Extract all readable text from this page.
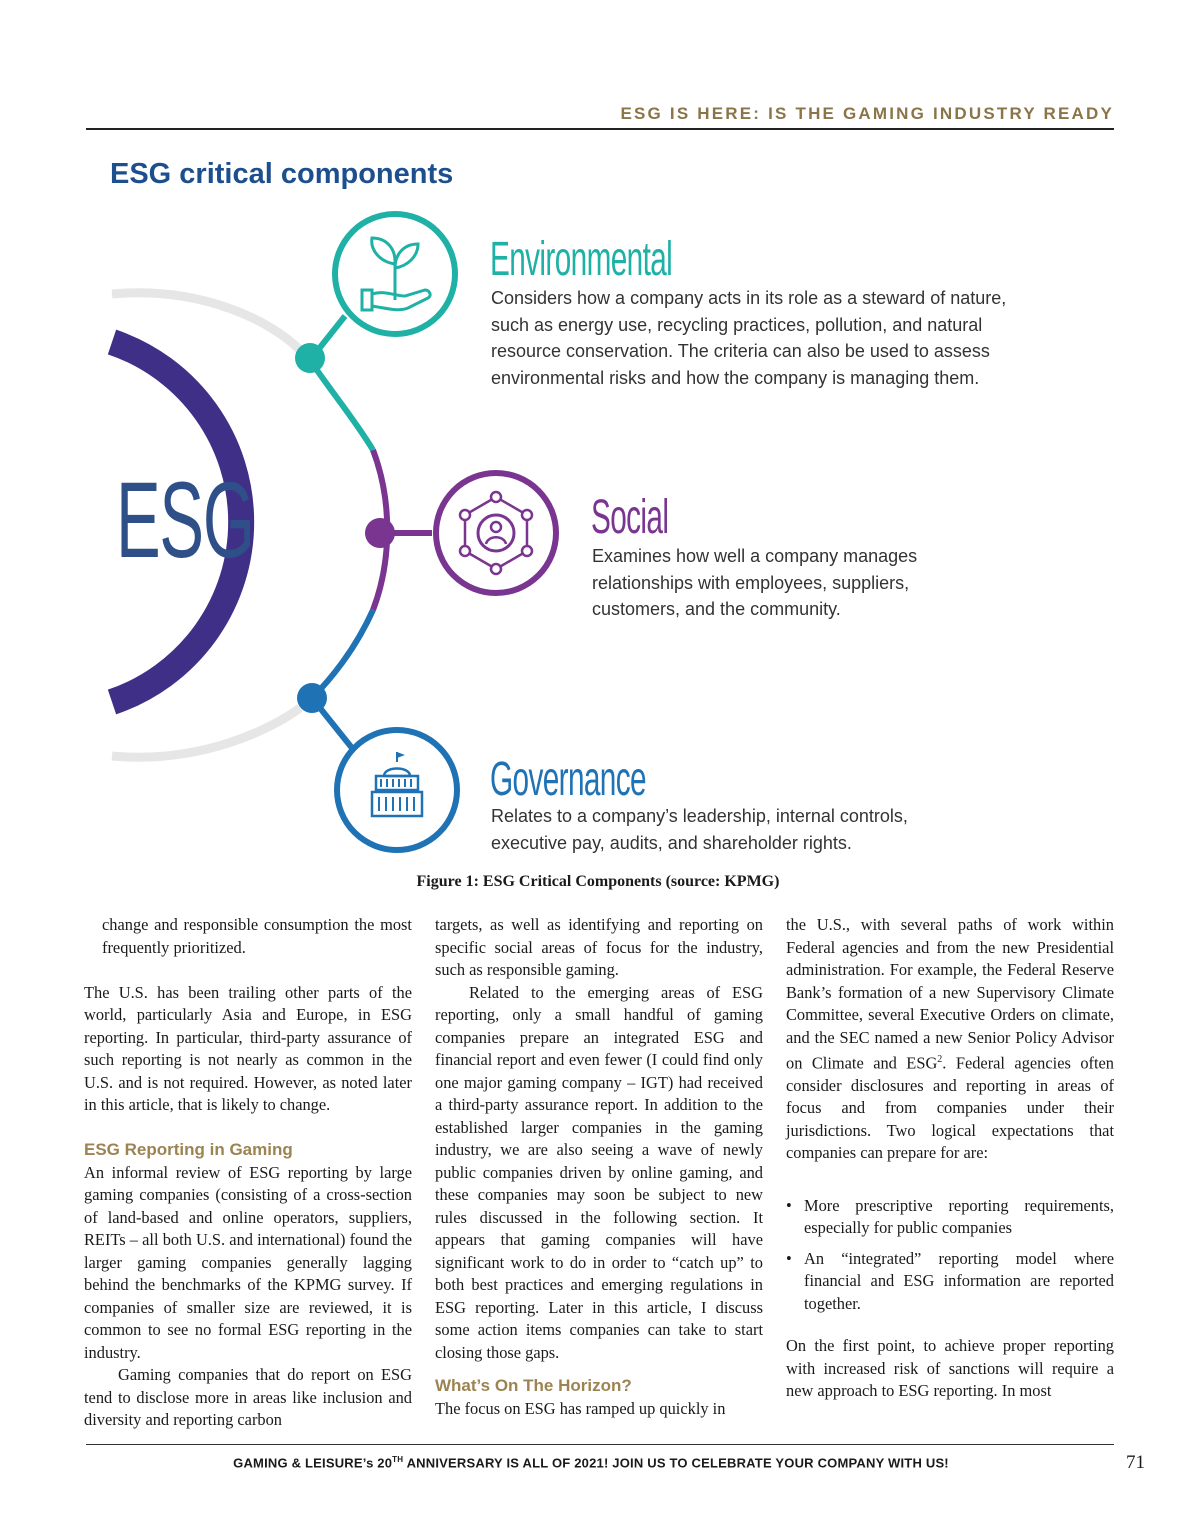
ESG IS HERE: IS THE GAMING INDUSTRY READY
ESG critical components
ESG
Environmental
Considers how a company acts in its role as a steward of nature,
such as energy use, recycling practices, pollution, and natural
resource conservation. The criteria can also be used to assess
environmental risks and how the company is managing them.
Social
Examines how well a company manages
relationships with employees, suppliers,
customers, and the community.
Governance
Relates to a company’s leadership, internal controls,
executive pay, audits, and shareholder rights.
Figure 1: ESG Critical Components (source: KPMG)

change and responsible consumption the most frequently prioritized.

The U.S. has been trailing other parts of the world, particularly Asia and Europe, in ESG reporting. In particular, third-party assurance of such reporting is not nearly as common in the U.S. and is not required. However, as noted later in this article, that is likely to change.

ESG Reporting in Gaming

An informal review of ESG reporting by large gaming companies (consisting of a cross-section of land-based and online operators, suppliers, REITs – all both U.S. and international) found the larger gaming companies generally lagging behind the benchmarks of the KPMG survey. If companies of smaller size are reviewed, it is common to see no formal ESG reporting in the industry.

Gaming companies that do report on ESG tend to disclose more in areas like inclusion and diversity and reporting carbon

targets, as well as identifying and reporting on specific social areas of focus for the industry, such as responsible gaming.

Related to the emerging areas of ESG reporting, only a small handful of gaming companies prepare an integrated ESG and financial report and even fewer (I could find only one major gaming company – IGT) had received a third-party assurance report. In addition to the established larger companies in the gaming industry, we are also seeing a wave of newly public companies driven by online gaming, and these companies may soon be subject to new rules discussed in the following section. It appears that gaming companies will have significant work to do in order to “catch up” to both best practices and emerging regulations in ESG reporting. Later in this article, I discuss some action items companies can take to start closing those gaps.

What’s On The Horizon?

The focus on ESG has ramped up quickly in

the U.S., with several paths of work within Federal agencies and from the new Presidential administration. For example, the Federal Reserve Bank’s formation of a new Supervisory Climate Committee, several Executive Orders on climate, and the SEC named a new Senior Policy Advisor on Climate and ESG$^2$. Federal agencies often consider disclosures and reporting in areas of focus and from companies under their jurisdictions. Two logical expectations that companies can prepare for are:

• More prescriptive reporting requirements, especially for public companies
• An “integrated” reporting model where financial and ESG information are reported together.

On the first point, to achieve proper reporting with increased risk of sanctions will require a new approach to ESG reporting. In most

GAMING & LEISURE’s 20TH ANNIVERSARY IS ALL OF 2021! JOIN US TO CELEBRATE YOUR COMPANY WITH US!	71
